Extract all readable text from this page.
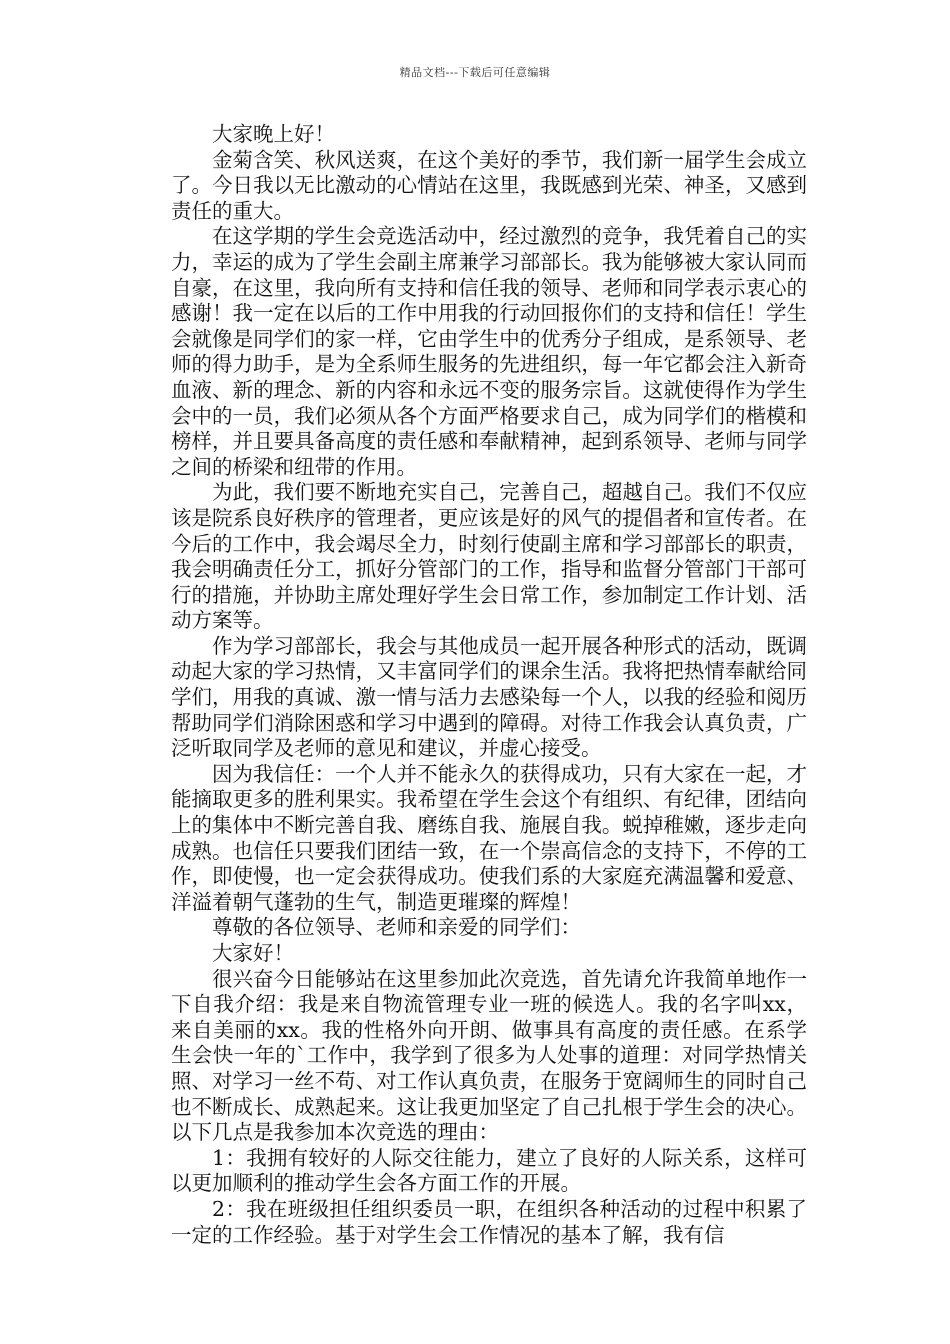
精品文档---下载后可任意编辑

大家晚上好！

金菊含笑、秋风送爽，在这个美好的季节，我们新一届学生会成立了。今日我以无比激动的心情站在这里，我既感到光荣、神圣，又感到责任的重大。

在这学期的学生会竞选活动中，经过激烈的竞争，我凭着自己的实力，幸运的成为了学生会副主席兼学习部部长。我为能够被大家认同而自豪，在这里，我向所有支持和信任我的领导、老师和同学表示衷心的感谢！我一定在以后的工作中用我的行动回报你们的支持和信任！学生会就像是同学们的家一样，它由学生中的优秀分子组成，是系领导、老师的得力助手，是为全系师生服务的先进组织，每一年它都会注入新奇血液、新的理念、新的内容和永远不变的服务宗旨。这就使得作为学生会中的一员，我们必须从各个方面严格要求自己，成为同学们的楷模和榜样，并且要具备高度的责任感和奉献精神，起到系领导、老师与同学之间的桥梁和纽带的作用。

为此，我们要不断地充实自己，完善自己，超越自己。我们不仅应该是院系良好秩序的管理者，更应该是好的风气的提倡者和宣传者。在今后的工作中，我会竭尽全力，时刻行使副主席和学习部部长的职责，我会明确责任分工，抓好分管部门的工作，指导和监督分管部门干部可行的措施，并协助主席处理好学生会日常工作，参加制定工作计划、活动方案等。

作为学习部部长，我会与其他成员一起开展各种形式的活动，既调动起大家的学习热情，又丰富同学们的课余生活。我将把热情奉献给同学们，用我的真诚、激一情与活力去感染每一个人，以我的经验和阅历帮助同学们消除困惑和学习中遇到的障碍。对待工作我会认真负责，广泛听取同学及老师的意见和建议，并虚心接受。

因为我信任：一个人并不能永久的获得成功，只有大家在一起，才能摘取更多的胜利果实。我希望在学生会这个有组织、有纪律，团结向上的集体中不断完善自我、磨练自我、施展自我。蜕掉稚嫩，逐步走向成熟。也信任只要我们团结一致，在一个崇高信念的支持下，不停的工作，即使慢，也一定会获得成功。使我们系的大家庭充满温馨和爱意、洋溢着朝气蓬勃的生气，制造更璀璨的辉煌！

尊敬的各位领导、老师和亲爱的同学们：

大家好！

很兴奋今日能够站在这里参加此次竞选，首先请允许我简单地作一下自我介绍：我是来自物流管理专业一班的候选人。我的名字叫xx，来自美丽的xx。我的性格外向开朗、做事具有高度的责任感。在系学生会快一年的`工作中，我学到了很多为人处事的道理：对同学热情关照、对学习一丝不苟、对工作认真负责，在服务于宽阔师生的同时自己也不断成长、成熟起来。这让我更加坚定了自己扎根于学生会的决心。以下几点是我参加本次竞选的理由：

1：我拥有较好的人际交往能力，建立了良好的人际关系，这样可以更加顺利的推动学生会各方面工作的开展。

2：我在班级担任组织委员一职，在组织各种活动的过程中积累了一定的工作经验。基于对学生会工作情况的基本了解，我有信
